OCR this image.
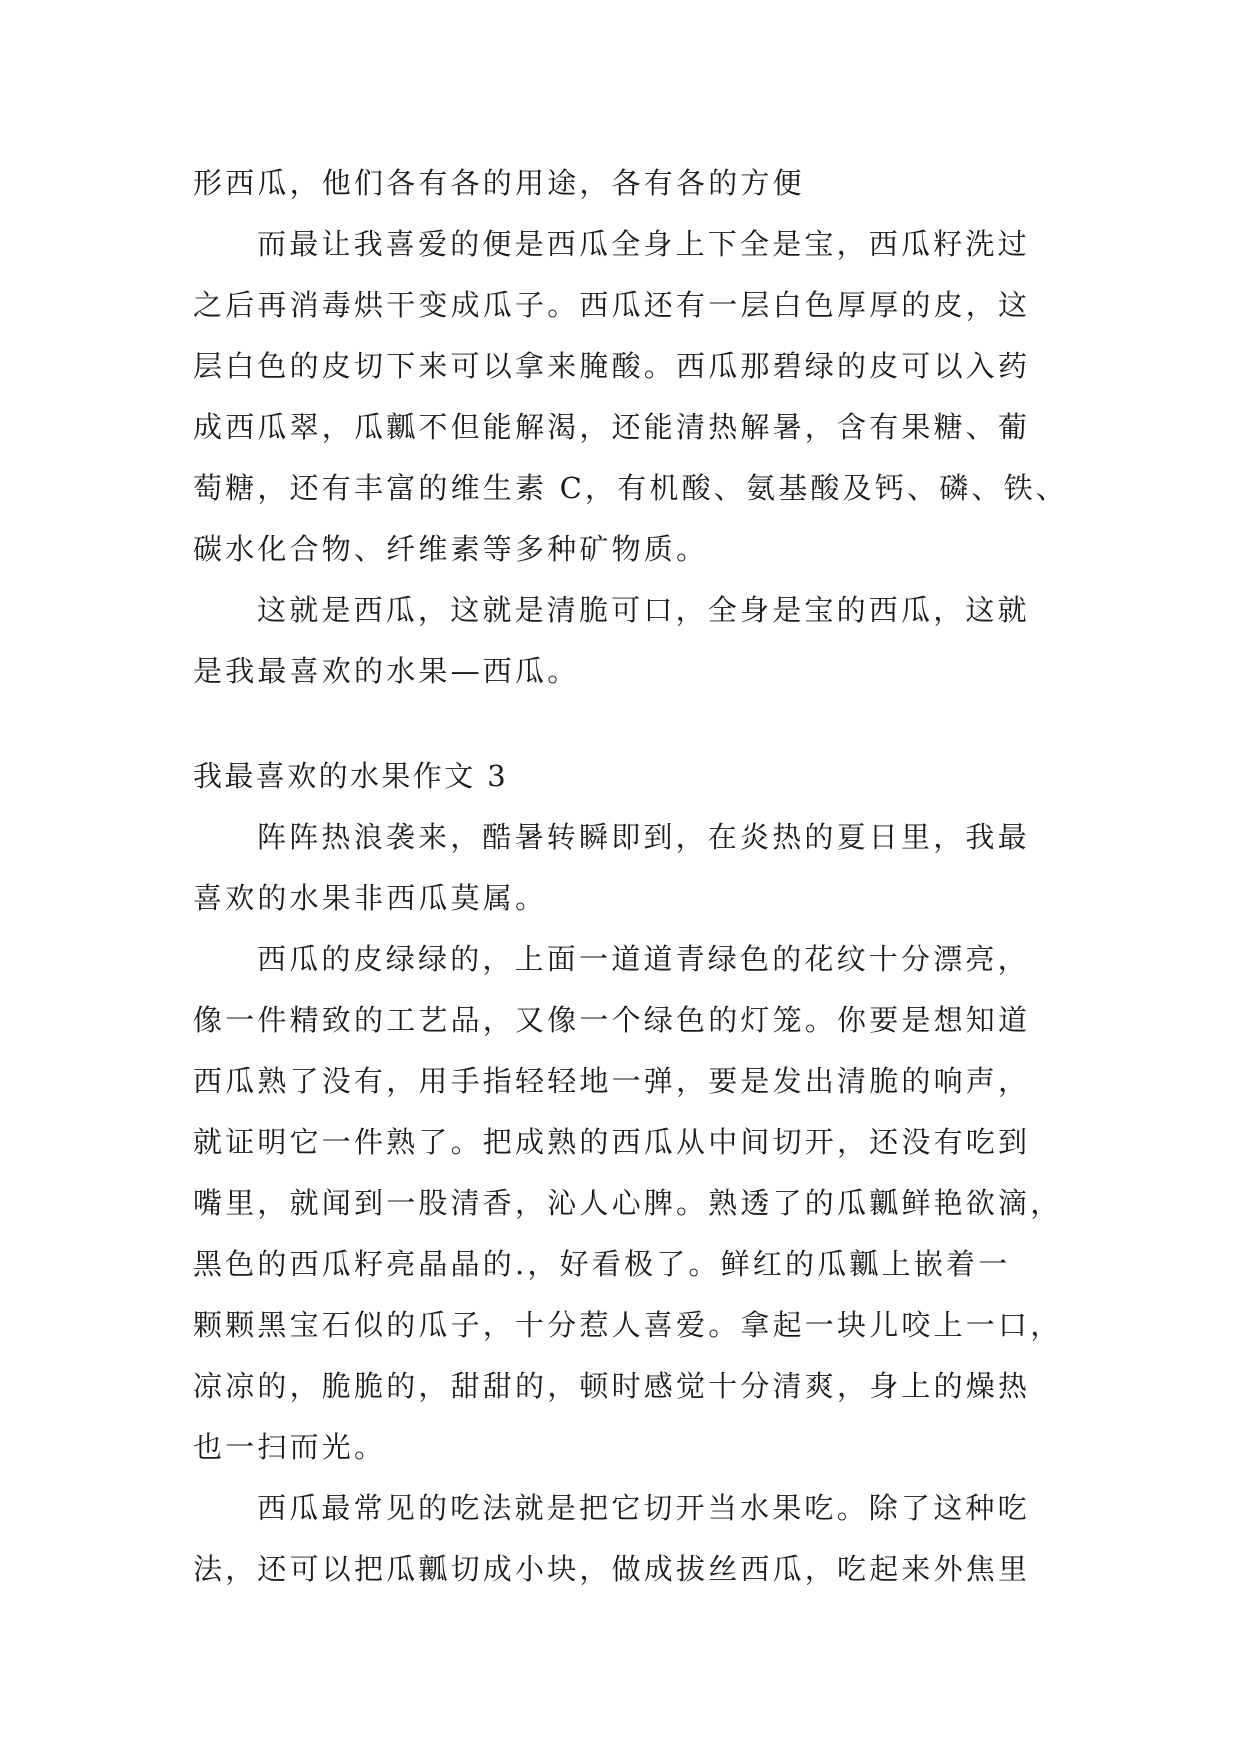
形西瓜，他们各有各的用途，各有各的方便
而最让我喜爱的便是西瓜全身上下全是宝，西瓜籽洗过
之后再消毒烘干变成瓜子。西瓜还有一层白色厚厚的皮，这
层白色的皮切下来可以拿来腌酸。西瓜那碧绿的皮可以入药
成西瓜翠，瓜瓤不但能解渴，还能清热解暑，含有果糖、葡
萄糖，还有丰富的维生素 C，有机酸、氨基酸及钙、磷、铁、
碳水化合物、纤维素等多种矿物质。
这就是西瓜，这就是清脆可口，全身是宝的西瓜，这就
是我最喜欢的水果—西瓜。
我最喜欢的水果作文 3
阵阵热浪袭来，酷暑转瞬即到，在炎热的夏日里，我最
喜欢的水果非西瓜莫属。
西瓜的皮绿绿的，上面一道道青绿色的花纹十分漂亮，
像一件精致的工艺品，又像一个绿色的灯笼。你要是想知道
西瓜熟了没有，用手指轻轻地一弹，要是发出清脆的响声，
就证明它一件熟了。把成熟的西瓜从中间切开，还没有吃到
嘴里，就闻到一股清香，沁人心脾。熟透了的瓜瓤鲜艳欲滴，
黑色的西瓜籽亮晶晶的.，好看极了。鲜红的瓜瓤上嵌着一
颗颗黑宝石似的瓜子，十分惹人喜爱。拿起一块儿咬上一口，
凉凉的，脆脆的，甜甜的，顿时感觉十分清爽，身上的燥热
也一扫而光。
西瓜最常见的吃法就是把它切开当水果吃。除了这种吃
法，还可以把瓜瓤切成小块，做成拔丝西瓜，吃起来外焦里
